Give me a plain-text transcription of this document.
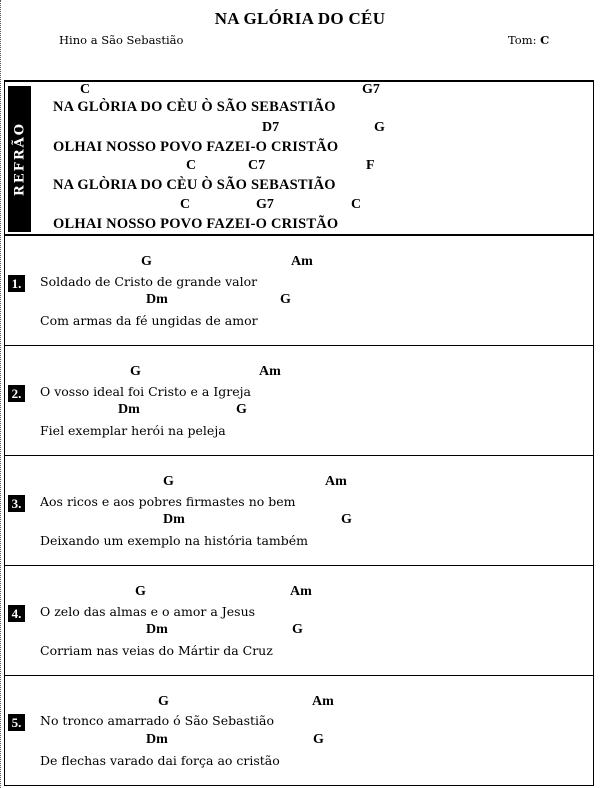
NA GLÓRIA DO CÉU
Hino a São Sebastião	Tom: C
REFRÃO
C	G7
NA GLÒRIA DO CÈU Ò SÃO SEBASTIÃO
D7	G
OLHAI NOSSO POVO FAZEI-O CRISTÃO
C	C7	F
NA GLÒRIA DO CÈU Ò SÃO SEBASTIÃO
C	G7	C
OLHAI NOSSO POVO FAZEI-O CRISTÃO
1.
G	Am
Soldado de Cristo de grande valor
Dm	G
Com armas da fé ungidas de amor
2.
G	Am
O vosso ideal foi Cristo e a Igreja
Dm	G
Fiel exemplar herói na peleja
3.
G	Am
Aos ricos e aos pobres firmastes no bem
Dm	G
Deixando um exemplo na história também
4.
G	Am
O zelo das almas e o amor a Jesus
Dm	G
Corriam nas veias do Mártir da Cruz
5.
G	Am
No tronco amarrado ó São Sebastião
Dm	G
De flechas varado dai força ao cristão
